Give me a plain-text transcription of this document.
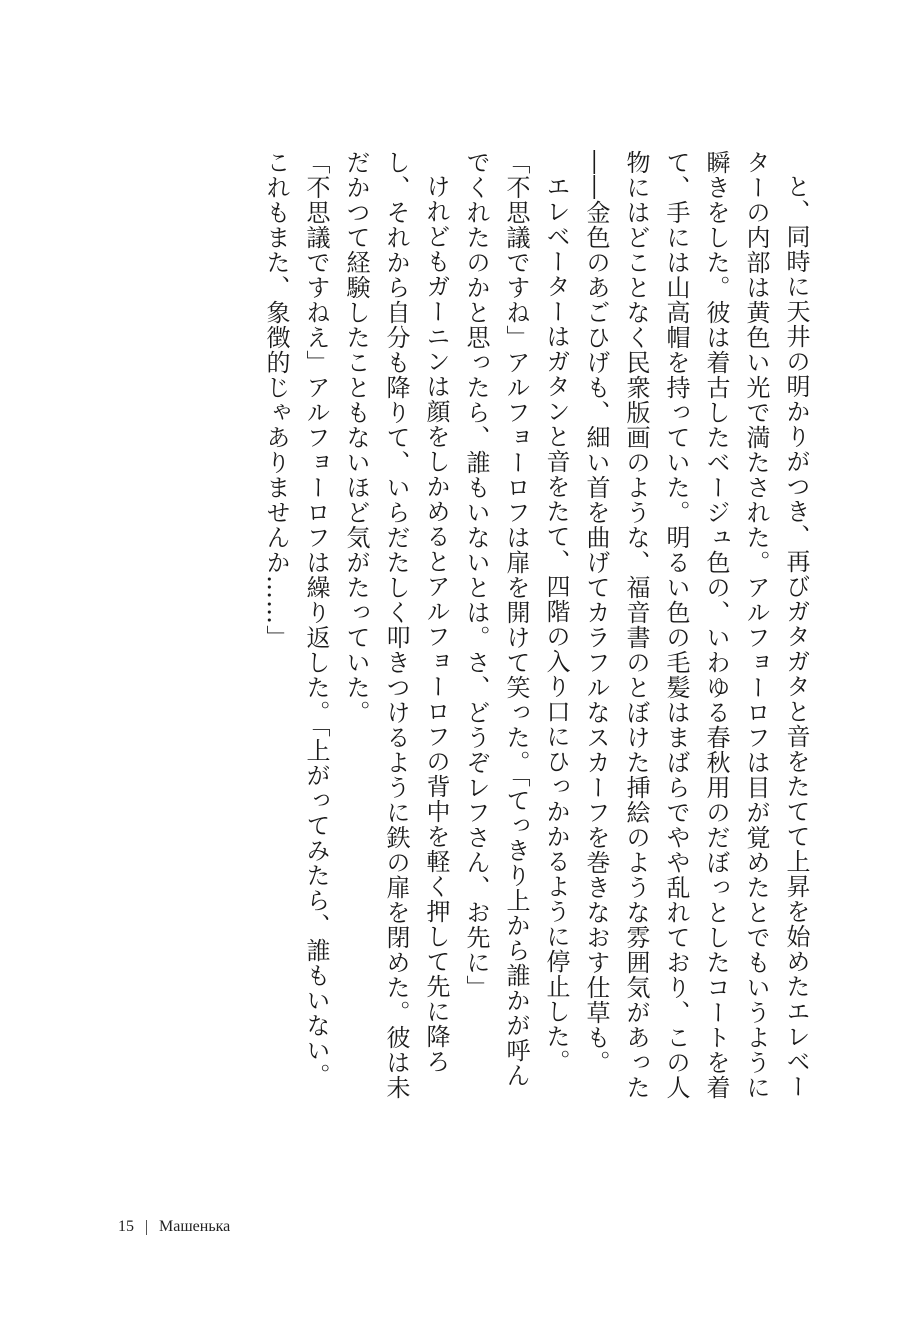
と、同時に天井の明かりがつき、再びガタガタと音をたてて上昇を始めたエレベーターの内部は黄色い光で満たされた。アルフョーロフは目が覚めたとでもいうように瞬きをした。彼は着古したベージュ色の、いわゆる春秋用のだぼっとしたコートを着て、手には山高帽を持っていた。明るい色の毛髪はまばらでやや乱れており、この人物にはどことなく民衆版画のような、福音書のとぼけた挿絵のような雰囲気があった――金色のあごひげも、細い首を曲げてカラフルなスカーフを巻きなおす仕草も。

エレベーターはガタンと音をたて、四階の入り口にひっかかるように停止した。

「不思議ですね」アルフョーロフは扉を開けて笑った。「てっきり上から誰かが呼んでくれたのかと思ったら、誰もいないとは。さ、どうぞレフさん、お先に」

けれどもガーニンは顔をしかめるとアルフョーロフの背中を軽く押して先に降ろし、それから自分も降りて、いらだたしく叩きつけるように鉄の扉を閉めた。彼は未だかつて経験したこともないほど気がたっていた。

「不思議ですねえ」アルフョーロフは繰り返した。「上がってみたら、誰もいない。これもまた、象徴的じゃありませんか……」

15 Машенька
